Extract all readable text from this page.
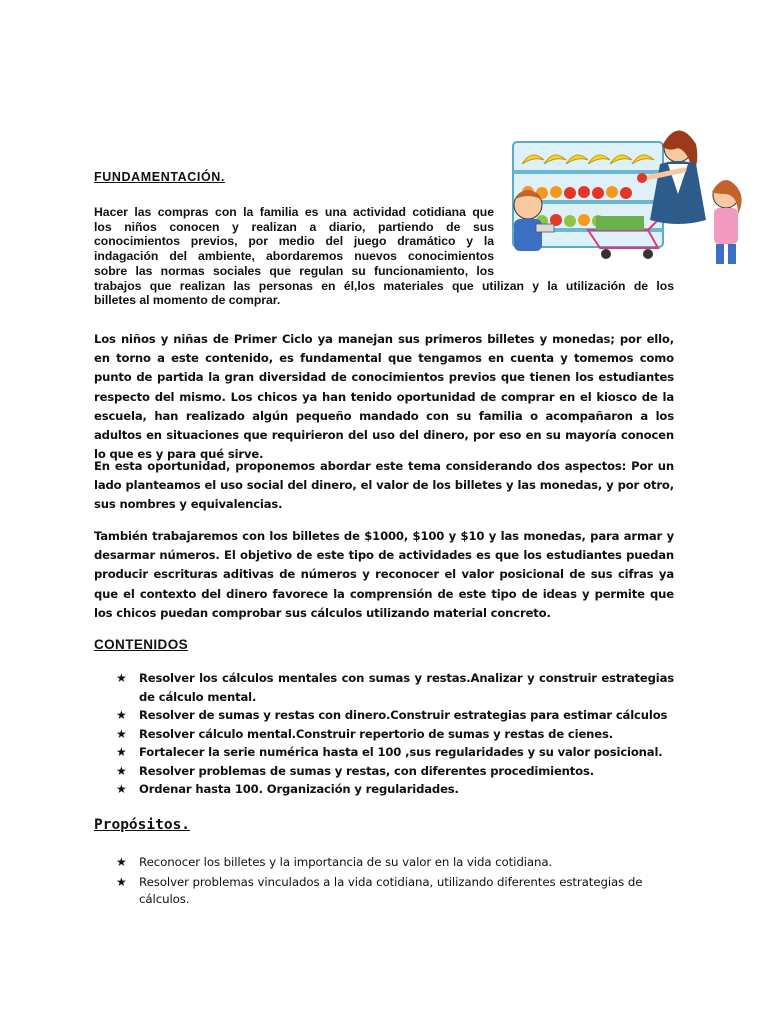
FUNDAMENTACIÓN.

Hacer las compras con la familia es una actividad cotidiana que
los niños conocen y realizan a diario, partiendo de sus
conocimientos previos, por medio del juego dramático y la
indagación del ambiente, abordaremos nuevos conocimientos
sobre las normas sociales que regulan su funcionamiento, los
trabajos que realizan las personas en él,los materiales que utilizan y la utilización de los
billetes al momento de comprar.

Los niños y niñas de Primer Ciclo ya manejan sus primeros billetes y monedas; por ello, en torno a este contenido, es fundamental que tengamos en cuenta y tomemos como punto de partida la gran diversidad de conocimientos previos que tienen los estudiantes respecto del mismo. Los chicos ya han tenido oportunidad de comprar en el kiosco de la escuela, han realizado algún pequeño mandado con su familia o acompañaron a los adultos en situaciones que requirieron del uso del dinero, por eso en su mayoría conocen lo que es y para qué sirve.

En esta oportunidad, proponemos abordar este tema considerando dos aspectos: Por un lado planteamos el uso social del dinero, el valor de los billetes y las monedas, y por otro, sus nombres y equivalencias.

También trabajaremos con los billetes de $1000, $100 y $10 y las monedas, para armar y desarmar números. El objetivo de este tipo de actividades es que los estudiantes puedan producir escrituras aditivas de números y reconocer el valor posicional de sus cifras ya que el contexto del dinero favorece la comprensión de este tipo de ideas y permite que los chicos puedan comprobar sus cálculos utilizando material concreto.

CONTENIDOS
★ Resolver los cálculos mentales con sumas y restas.Analizar y construir estrategias de cálculo mental.
★ Resolver de sumas y restas con dinero.Construir estrategias para estimar cálculos
★ Resolver cálculo mental.Construir repertorio de sumas y restas de cienes.
★ Fortalecer la serie numérica hasta el 100 ,sus regularidades y su valor posicional.
★ Resolver problemas de sumas y restas, con diferentes procedimientos.
★ Ordenar hasta 100. Organización y regularidades.
Propósitos.
★ Reconocer los billetes y la importancia de su valor en la vida cotidiana.
★ Resolver problemas vinculados a la vida cotidiana, utilizando diferentes estrategias de cálculos.
